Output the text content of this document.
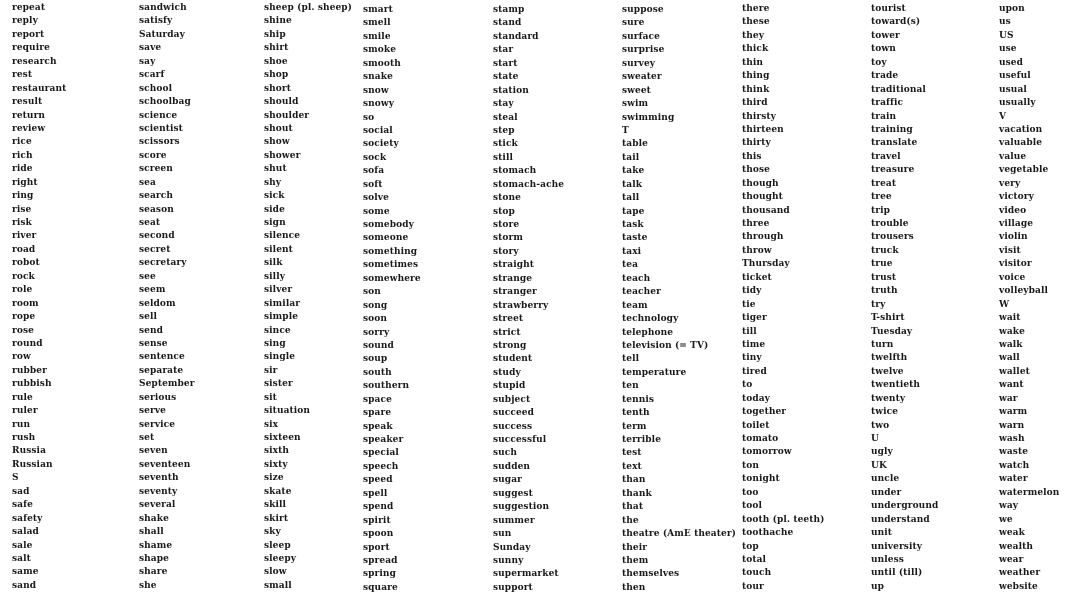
repeat
reply
report
require
research
rest
restaurant
result
return
review
rice
rich
ride
right
ring
rise
risk
river
road
robot
rock
role
room
rope
rose
round
row
rubber
rubbish
rule
ruler
run
rush
Russia
Russian
S
sad
safe
safety
salad
sale
salt
same
sand
sandwich
satisfy
Saturday
save
say
scarf
school
schoolbag
science
scientist
scissors
score
screen
sea
search
season
seat
second
secret
secretary
see
seem
seldom
sell
send
sense
sentence
separate
September
serious
serve
service
set
seven
seventeen
seventh
seventy
several
shake
shall
shame
shape
share
she
sheep (pl. sheep)
shine
ship
shirt
shoe
shop
short
should
shoulder
shout
show
shower
shut
shy
sick
side
sign
silence
silent
silk
silly
silver
similar
simple
since
sing
single
sir
sister
sit
situation
six
sixteen
sixth
sixty
size
skate
skill
skirt
sky
sleep
sleepy
slow
small
smart
smell
smile
smoke
smooth
snake
snow
snowy
so
social
society
sock
sofa
soft
solve
some
somebody
someone
something
sometimes
somewhere
son
song
soon
sorry
sound
soup
south
southern
space
spare
speak
speaker
special
speech
speed
spell
spend
spirit
spoon
sport
spread
spring
square
stamp
stand
standard
star
start
state
station
stay
steal
step
stick
still
stomach
stomach-ache
stone
stop
store
storm
story
straight
strange
stranger
strawberry
street
strict
strong
student
study
stupid
subject
succeed
success
successful
such
sudden
sugar
suggest
suggestion
summer
sun
Sunday
sunny
supermarket
support
suppose
sure
surface
surprise
survey
sweater
sweet
swim
swimming
T
table
tail
take
talk
tall
tape
task
taste
taxi
tea
teach
teacher
team
technology
telephone
television (= TV)
tell
temperature
ten
tennis
tenth
term
terrible
test
text
than
thank
that
the
theatre (AmE theater)
their
them
themselves
then
there
these
they
thick
thin
thing
think
third
thirsty
thirteen
thirty
this
those
though
thought
thousand
three
through
throw
Thursday
ticket
tidy
tie
tiger
till
time
tiny
tired
to
today
together
toilet
tomato
tomorrow
ton
tonight
too
tool
tooth (pl. teeth)
toothache
top
total
touch
tour
tourist
toward(s)
tower
town
toy
trade
traditional
traffic
train
training
translate
travel
treasure
treat
tree
trip
trouble
trousers
truck
true
trust
truth
try
T-shirt
Tuesday
turn
twelfth
twelve
twentieth
twenty
twice
two
U
ugly
UK
uncle
under
underground
understand
unit
university
unless
until (till)
up
upon
us
US
use
used
useful
usual
usually
V
vacation
valuable
value
vegetable
very
victory
video
village
violin
visit
visitor
voice
volleyball
W
wait
wake
walk
wall
wallet
want
war
warm
warn
wash
waste
watch
water
watermelon
way
we
weak
wealth
wear
weather
website
